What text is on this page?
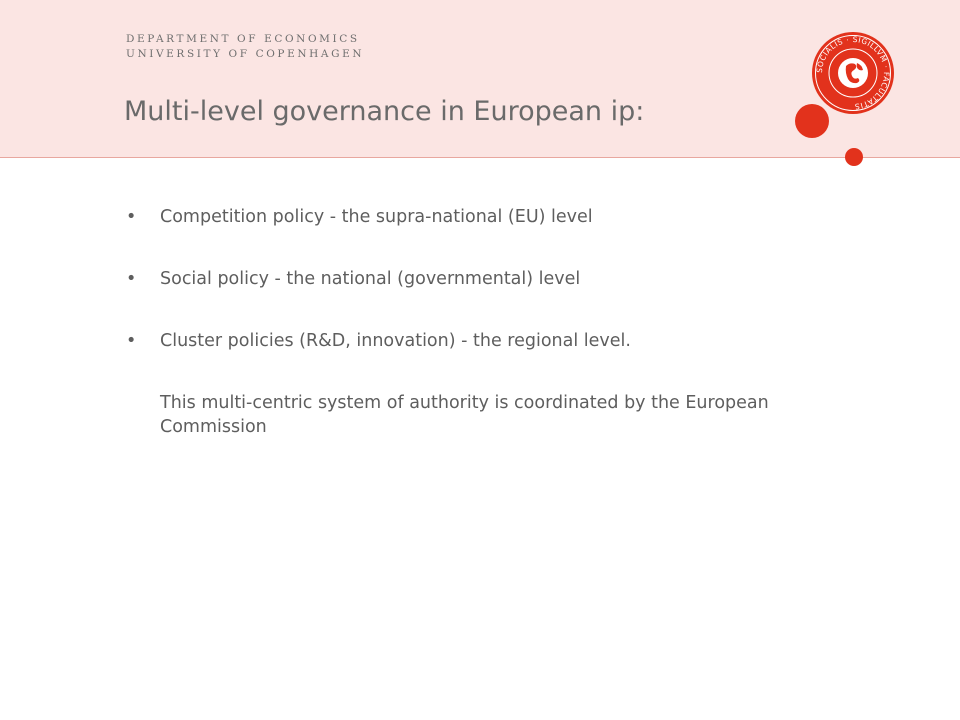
DEPARTMENT OF ECONOMICS
UNIVERSITY OF COPENHAGEN
Multi-level governance in European ip:
SOCIALIS · SIGILLVM · FACULTATIS
• Competition policy - the supra-national (EU) level
• Social policy - the national (governmental) level
• Cluster policies (R&D, innovation) - the regional level.
This multi-centric system of authority is coordinated by the European Commission
